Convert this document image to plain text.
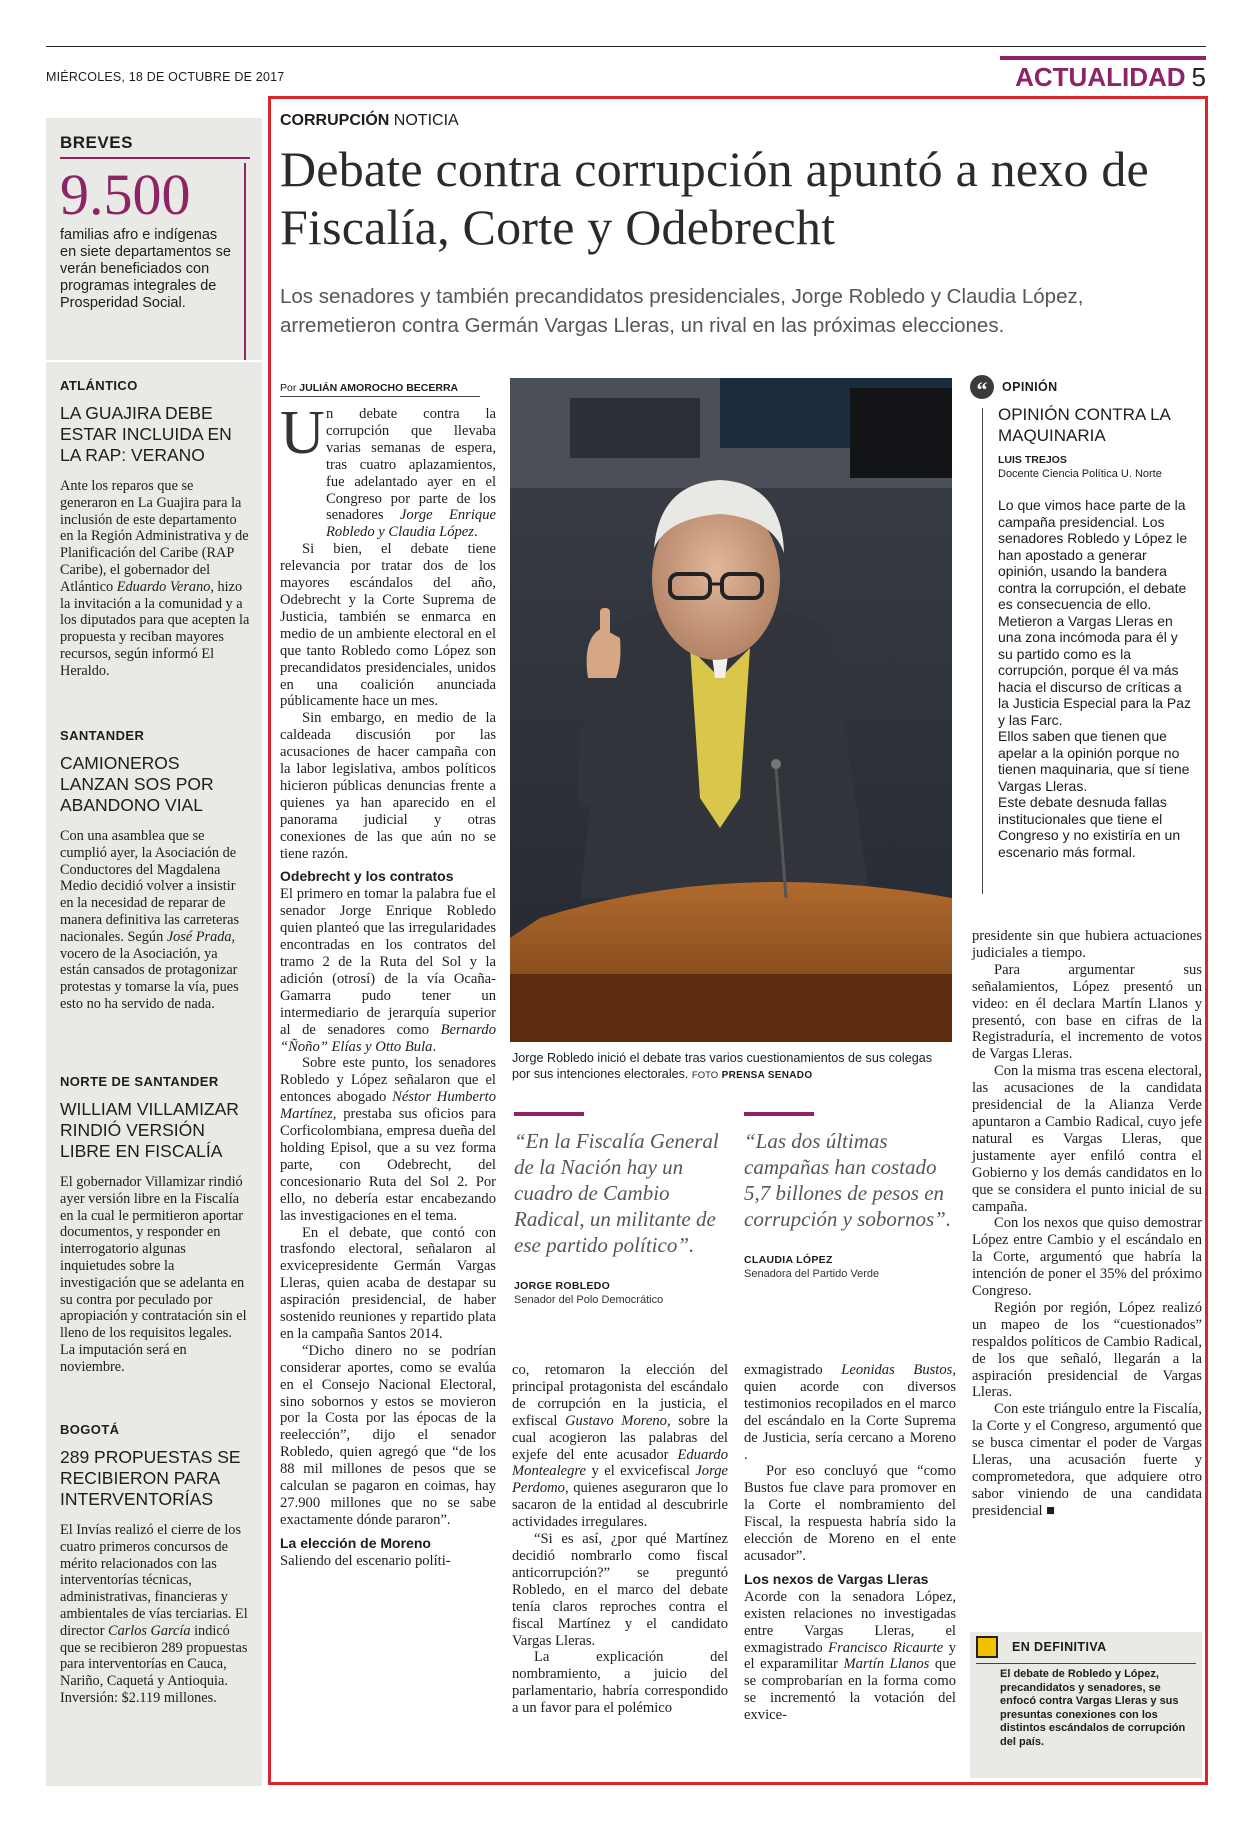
MIÉRCOLES, 18 DE OCTUBRE DE 2017	ACTUALIDAD 5
BREVES
9.500
familias afro e indígenas en siete departamentos se verán beneficiados con programas integrales de Prosperidad Social.
ATLÁNTICO
LA GUAJIRA DEBE ESTAR INCLUIDA EN LA RAP: VERANO
Ante los reparos que se generaron en La Guajira para la inclusión de este departamento en la Región Administrativa y de Planificación del Caribe (RAP Caribe), el gobernador del Atlántico Eduardo Verano, hizo la invitación a la comunidad y a los diputados para que acepten la propuesta y reciban mayores recursos, según informó El Heraldo.
SANTANDER
CAMIONEROS LANZAN SOS POR ABANDONO VIAL
Con una asamblea que se cumplió ayer, la Asociación de Conductores del Magdalena Medio decidió volver a insistir en la necesidad de reparar de manera definitiva las carreteras nacionales. Según José Prada, vocero de la Asociación, ya están cansados de protagonizar protestas y tomarse la vía, pues esto no ha servido de nada.
NORTE DE SANTANDER
WILLIAM VILLAMIZAR RINDIÓ VERSIÓN LIBRE EN FISCALÍA
El gobernador Villamizar rindió ayer versión libre en la Fiscalía en la cual le permitieron aportar documentos, y responder en interrogatorio algunas inquietudes sobre la investigación que se adelanta en su contra por peculado por apropiación y contratación sin el lleno de los requisitos legales. La imputación será en noviembre.
BOGOTÁ
289 PROPUESTAS SE RECIBIERON PARA INTERVENTORÍAS
El Invías realizó el cierre de los cuatro primeros concursos de mérito relacionados con las interventorías técnicas, administrativas, financieras y ambientales de vías terciarias. El director Carlos García indicó que se recibieron 289 propuestas para interventorías en Cauca, Nariño, Caquetá y Antioquia. Inversión: $2.119 millones.
CORRUPCIÓN NOTICIA
Debate contra corrupción apuntó a nexo de Fiscalía, Corte y Odebrecht
Los senadores y también precandidatos presidenciales, Jorge Robledo y Claudia López, arremetieron contra Germán Vargas Lleras, un rival en las próximas elecciones.
Por JULIÁN AMOROCHO BECERRA
U n debate contra la corrupción que llevaba varias semanas de espera, tras cuatro aplazamientos, fue adelantado ayer en el Congreso por parte de los senadores Jorge Enrique Robledo y Claudia López.

Si bien, el debate tiene relevancia por tratar dos de los mayores escándalos del año, Odebrecht y la Corte Suprema de Justicia, también se enmarca en medio de un ambiente electoral en el que tanto Robledo como López son precandidatos presidenciales, unidos en una coalición anunciada públicamente hace un mes.

Sin embargo, en medio de la caldeada discusión por las acusaciones de hacer campaña con la labor legislativa, ambos políticos hicieron públicas denuncias frente a quienes ya han aparecido en el panorama judicial y otras conexiones de las que aún no se tiene razón.

Odebrecht y los contratos

El primero en tomar la palabra fue el senador Jorge Enrique Robledo quien planteó que las irregularidades encontradas en los contratos del tramo 2 de la Ruta del Sol y la adición (otrosí) de la vía Ocaña-Gamarra pudo tener un intermediario de jerarquía superior al de senadores como Bernardo “Ñoño” Elías y Otto Bula.

Sobre este punto, los senadores Robledo y López señalaron que el entonces abogado Néstor Humberto Martínez, prestaba sus oficios para Corficolombiana, empresa dueña del holding Episol, que a su vez forma parte, con Odebrecht, del concesionario Ruta del Sol 2. Por ello, no debería estar encabezando las investigaciones en el tema.

En el debate, que contó con trasfondo electoral, señalaron al exvicepresidente Germán Vargas Lleras, quien acaba de destapar su aspiración presidencial, de haber sostenido reuniones y repartido plata en la campaña Santos 2014.

“Dicho dinero no se podrían considerar aportes, como se evalúa en el Consejo Nacional Electoral, sino sobornos y estos se movieron por la Costa por las épocas de la reelección”, dijo el senador Robledo, quien agregó que “de los 88 mil millones de pesos que se calculan se pagaron en coimas, hay 27.900 millones que no se sabe exactamente dónde pararon”.

La elección de Moreno

Saliendo del escenario políti-

Jorge Robledo inició el debate tras varios cuestionamientos de sus colegas por sus intenciones electorales. FOTO PRENSA SENADO
“En la Fiscalía General de la Nación hay un cuadro de Cambio Radical, un militante de ese partido político”.
JORGE ROBLEDO
Senador del Polo Democrático
“Las dos últimas campañas han costado 5,7 billones de pesos en corrupción y sobornos”.
CLAUDIA LÓPEZ
Senadora del Partido Verde

co, retomaron la elección del principal protagonista del escándalo de corrupción en la justicia, el exfiscal Gustavo Moreno, sobre la cual acogieron las palabras del exjefe del ente acusador Eduardo Montealegre y el exvicefiscal Jorge Perdomo, quienes aseguraron que lo sacaron de la entidad al descubrirle actividades irregulares.

“Si es así, ¿por qué Martínez decidió nombrarlo como fiscal anticorrupción?” se preguntó Robledo, en el marco del debate tenía claros reproches contra el fiscal Martínez y el candidato Vargas Lleras.

La explicación del nombramiento, a juicio del parlamentario, habría correspondido a un favor para el polémico

exmagistrado Leonidas Bustos, quien acorde con diversos testimonios recopilados en el marco del escándalo en la Corte Suprema de Justicia, sería cercano a Moreno .

Por eso concluyó que “como Bustos fue clave para promover en la Corte el nombramiento del Fiscal, la respuesta habría sido la elección de Moreno en el ente acusador”.

Los nexos de Vargas Lleras

Acorde con la senadora López, existen relaciones no investigadas entre Vargas Lleras, el exmagistrado Francisco Ricaurte y el exparamilitar Martín Llanos que se comprobarían en la forma como se incrementó la votación del exvice-

“	OPINIÓN
OPINIÓN CONTRA LA MAQUINARIA
LUIS TREJOS
Docente Ciencia Política U. Norte

Lo que vimos hace parte de la campaña presidencial. Los senadores Robledo y López le han apostado a generar opinión, usando la bandera contra la corrupción, el debate es consecuencia de ello.

Metieron a Vargas Lleras en una zona incómoda para él y su partido como es la corrupción, porque él va más hacia el discurso de críticas a la Justicia Especial para la Paz y las Farc.

Ellos saben que tienen que apelar a la opinión porque no tienen maquinaria, que sí tiene Vargas Lleras.

Este debate desnuda fallas institucionales que tiene el Congreso y no existiría en un escenario más formal.

presidente sin que hubiera actuaciones judiciales a tiempo.

Para argumentar sus señalamientos, López presentó un video: en él declara Martín Llanos y presentó, con base en cifras de la Registraduría, el incremento de votos de Vargas Lleras.

Con la misma tras escena electoral, las acusaciones de la candidata presidencial de la Alianza Verde apuntaron a Cambio Radical, cuyo jefe natural es Vargas Lleras, que justamente ayer enfiló contra el Gobierno y los demás candidatos en lo que se considera el punto inicial de su campaña.

Con los nexos que quiso demostrar López entre Cambio y el escándalo en la Corte, argumentó que habría la intención de poner el 35% del próximo Congreso.

Región por región, López realizó un mapeo de los “cuestionados” respaldos políticos de Cambio Radical, de los que señaló, llegarán a la aspiración presidencial de Vargas Lleras.

Con este triángulo entre la Fiscalía, la Corte y el Congreso, argumentó que se busca cimentar el poder de Vargas Lleras, una acusación fuerte y comprometedora, que adquiere otro sabor viniendo de una candidata presidencial ■

EN DEFINITIVA
El debate de Robledo y López, precandidatos y senadores, se enfocó contra Vargas Lleras y sus presuntas conexiones con los distintos escándalos de corrupción del país.
